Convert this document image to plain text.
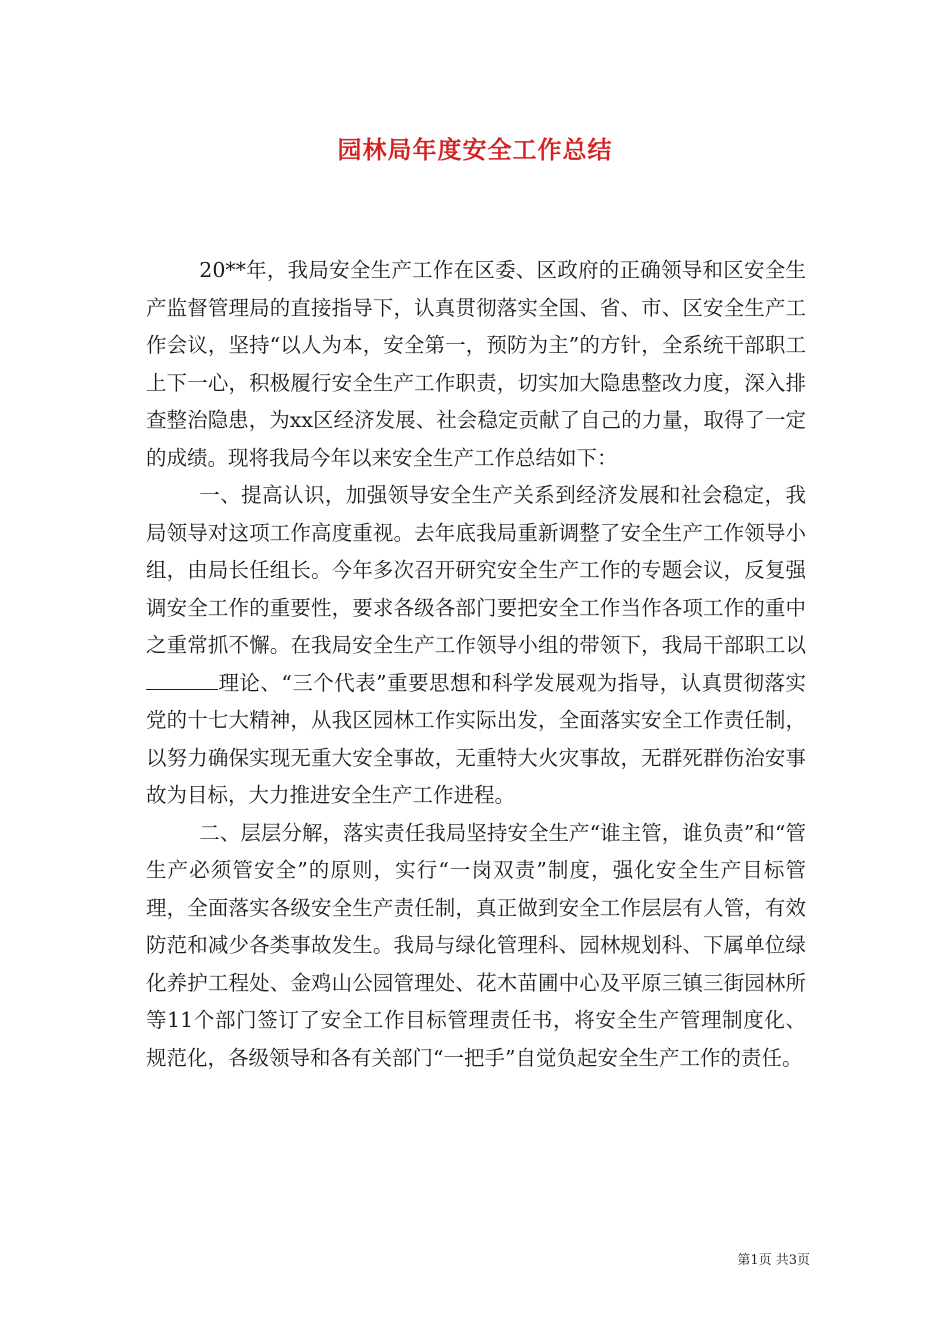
园林局年度安全工作总结

20**年，我局安全生产工作在区委、区政府的正确领导和区安全生产监督管理局的直接指导下，认真贯彻落实全国、省、市、区安全生产工作会议，坚持“以人为本，安全第一，预防为主”的方针，全系统干部职工上下一心，积极履行安全生产工作职责，切实加大隐患整改力度，深入排查整治隐患，为xx区经济发展、社会稳定贡献了自己的力量，取得了一定的成绩。现将我局今年以来安全生产工作总结如下：

一、提高认识，加强领导安全生产关系到经济发展和社会稳定，我局领导对这项工作高度重视。去年底我局重新调整了安全生产工作领导小组，由局长任组长。今年多次召开研究安全生产工作的专题会议，反复强调安全工作的重要性，要求各级各部门要把安全工作当作各项工作的重中之重常抓不懈。在我局安全生产工作领导小组的带领下，我局干部职工以理论、“三个代表”重要思想和科学发展观为指导，认真贯彻落实党的十七大精神，从我区园林工作实际出发，全面落实安全工作责任制，以努力确保实现无重大安全事故，无重特大火灾事故，无群死群伤治安事故为目标，大力推进安全生产工作进程。

二、层层分解，落实责任我局坚持安全生产“谁主管，谁负责”和“管生产必须管安全”的原则，实行“一岗双责”制度，强化安全生产目标管理，全面落实各级安全生产责任制，真正做到安全工作层层有人管，有效防范和减少各类事故发生。我局与绿化管理科、园林规划科、下属单位绿化养护工程处、金鸡山公园管理处、花木苗圃中心及平原三镇三街园林所等11个部门签订了安全工作目标管理责任书，将安全生产管理制度化、规范化，各级领导和各有关部门“一把手”自觉负起安全生产工作的责任。

第1页 共3页
